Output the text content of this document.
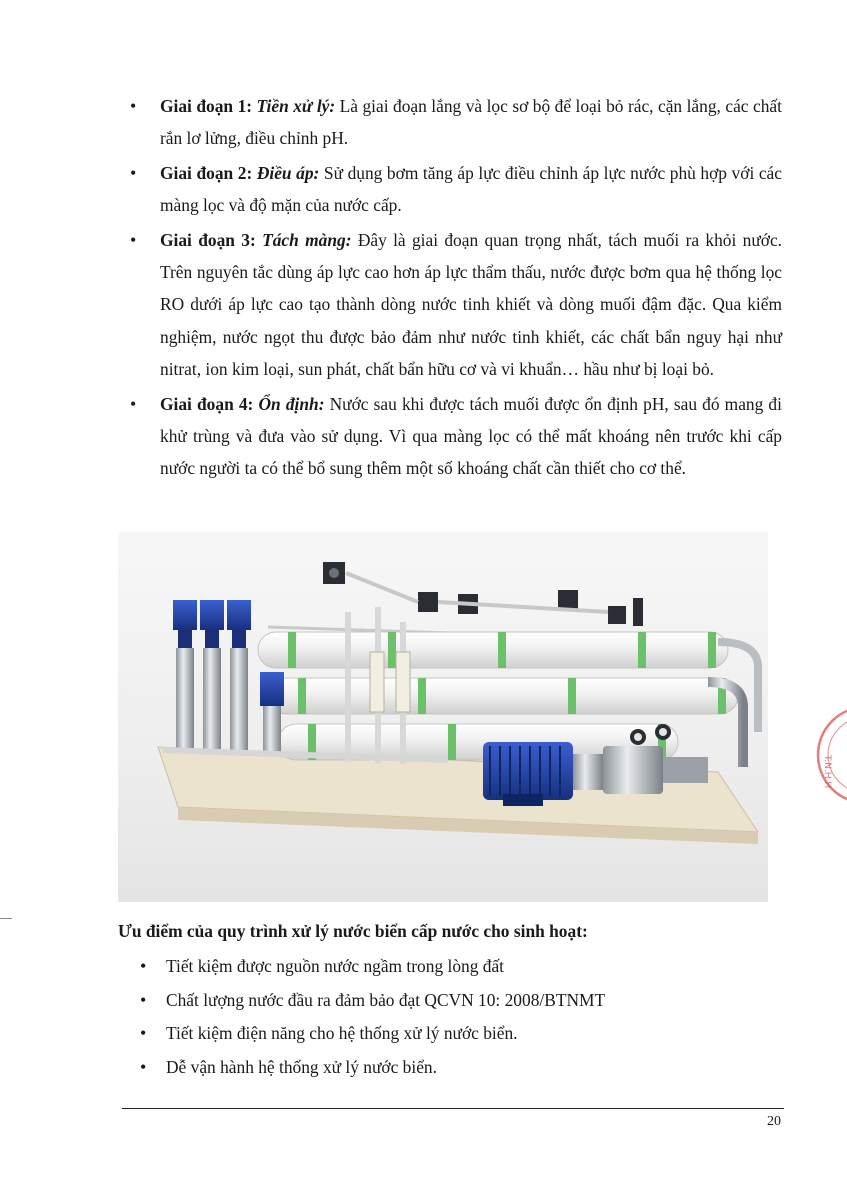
• Giai đoạn 1: Tiền xử lý: Là giai đoạn lắng và lọc sơ bộ để loại bỏ rác, cặn lắng, các chất rắn lơ lửng, điều chỉnh pH.
• Giai đoạn 2: Điều áp: Sử dụng bơm tăng áp lực điều chỉnh áp lực nước phù hợp với các màng lọc và độ mặn của nước cấp.
• Giai đoạn 3: Tách màng: Đây là giai đoạn quan trọng nhất, tách muối ra khỏi nước. Trên nguyên tắc dùng áp lực cao hơn áp lực thẩm thấu, nước được bơm qua hệ thống lọc RO dưới áp lực cao tạo thành dòng nước tinh khiết và dòng muối đậm đặc. Qua kiểm nghiệm, nước ngọt thu được bảo đảm như nước tinh khiết, các chất bẩn nguy hại như nitrat, ion kim loại, sun phát, chất bẩn hữu cơ và vi khuẩn… hầu như bị loại bỏ.
• Giai đoạn 4: Ổn định: Nước sau khi được tách muối được ổn định pH, sau đó mang đi khử trùng và đưa vào sử dụng. Vì qua màng lọc có thể mất khoáng nên trước khi cấp nước người ta có thể bổ sung thêm một số khoáng chất cần thiết cho cơ thể.
Ưu điểm của quy trình xử lý nước biển cấp nước cho sinh hoạt:
• Tiết kiệm được nguồn nước ngầm trong lòng đất
• Chất lượng nước đầu ra đảm bảo đạt QCVN 10: 2008/BTNMT
• Tiết kiệm điện năng cho hệ thống xử lý nước biển.
• Dễ vận hành hệ thống xử lý nước biển.
20
T.N.H.H
